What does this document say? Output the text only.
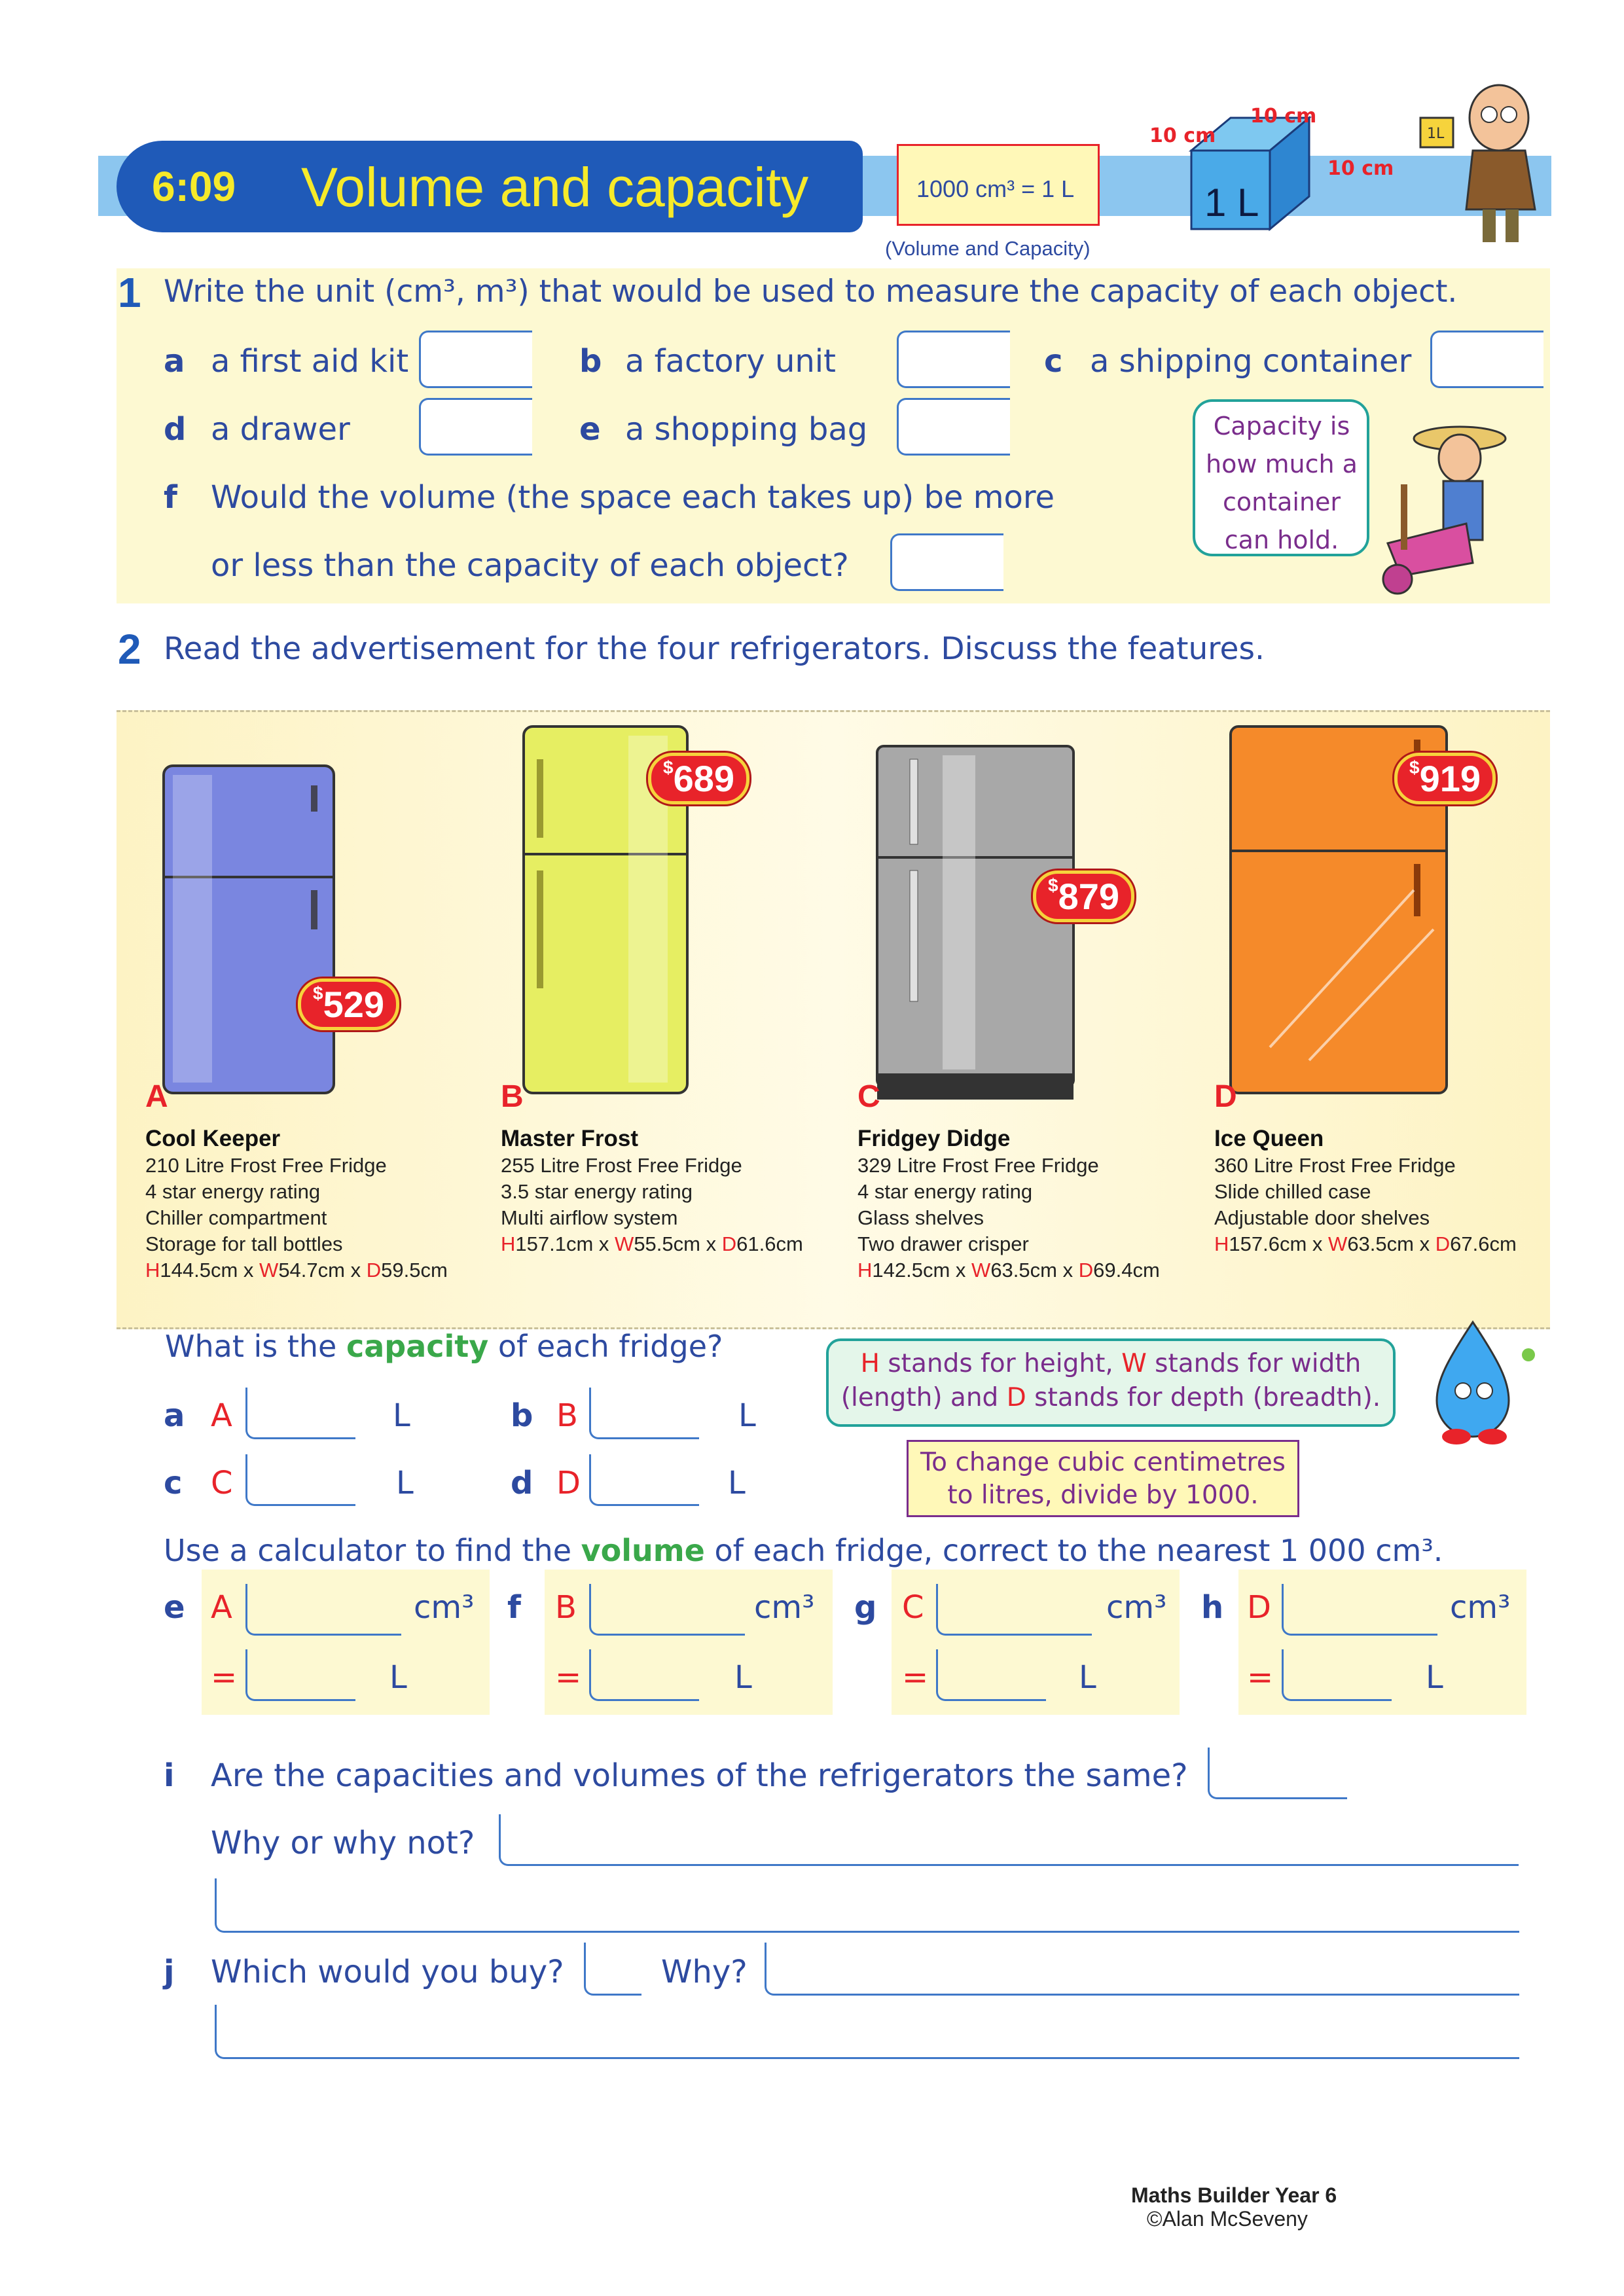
6:09 Volume and capacity	1000 cm³ = 1 L
(Volume and Capacity)
1 L
10 cm
10 cm
10 cm
1L
1 Write the unit (cm³, m³) that would be used to measure the capacity of each object.
a a first aid kit	b a factory unit	c a shipping container
d a drawer	e a shopping bag
f Would the volume (the space each takes up) be more
or less than the capacity of each object?
Capacity is how much a container can hold.
2 Read the advertisement for the four refrigerators. Discuss the features.
$529
A
Cool Keeper
210 Litre Frost Free Fridge
4 star energy rating
Chiller compartment
Storage for tall bottles
H144.5cm x W54.7cm x D59.5cm
$689
B
Master Frost
255 Litre Frost Free Fridge
3.5 star energy rating
Multi airflow system
H157.1cm x W55.5cm x D61.6cm
$879
C
Fridgey Didge
329 Litre Frost Free Fridge
4 star energy rating
Glass shelves
Two drawer crisper
H142.5cm x W63.5cm x D69.4cm
$919
D
Ice Queen
360 Litre Frost Free Fridge
Slide chilled case
Adjustable door shelves
H157.6cm x W63.5cm x D67.6cm
What is the capacity of each fridge?
a A	L	b B	L
c C	L	d D	L
H stands for height, W stands for width
(length) and D stands for depth (breadth).
To change cubic centimetres to litres, divide by 1000.
Use a calculator to find the volume of each fridge, correct to the nearest 1 000 cm³.
e A	cm³
=	L
f B	cm³
=	L
g C	cm³
=	L
h D	cm³
=	L
i Are the capacities and volumes of the refrigerators the same?
Why or why not?
j Which would you buy?	Why?
Maths Builder Year 6
©Alan McSeveny
